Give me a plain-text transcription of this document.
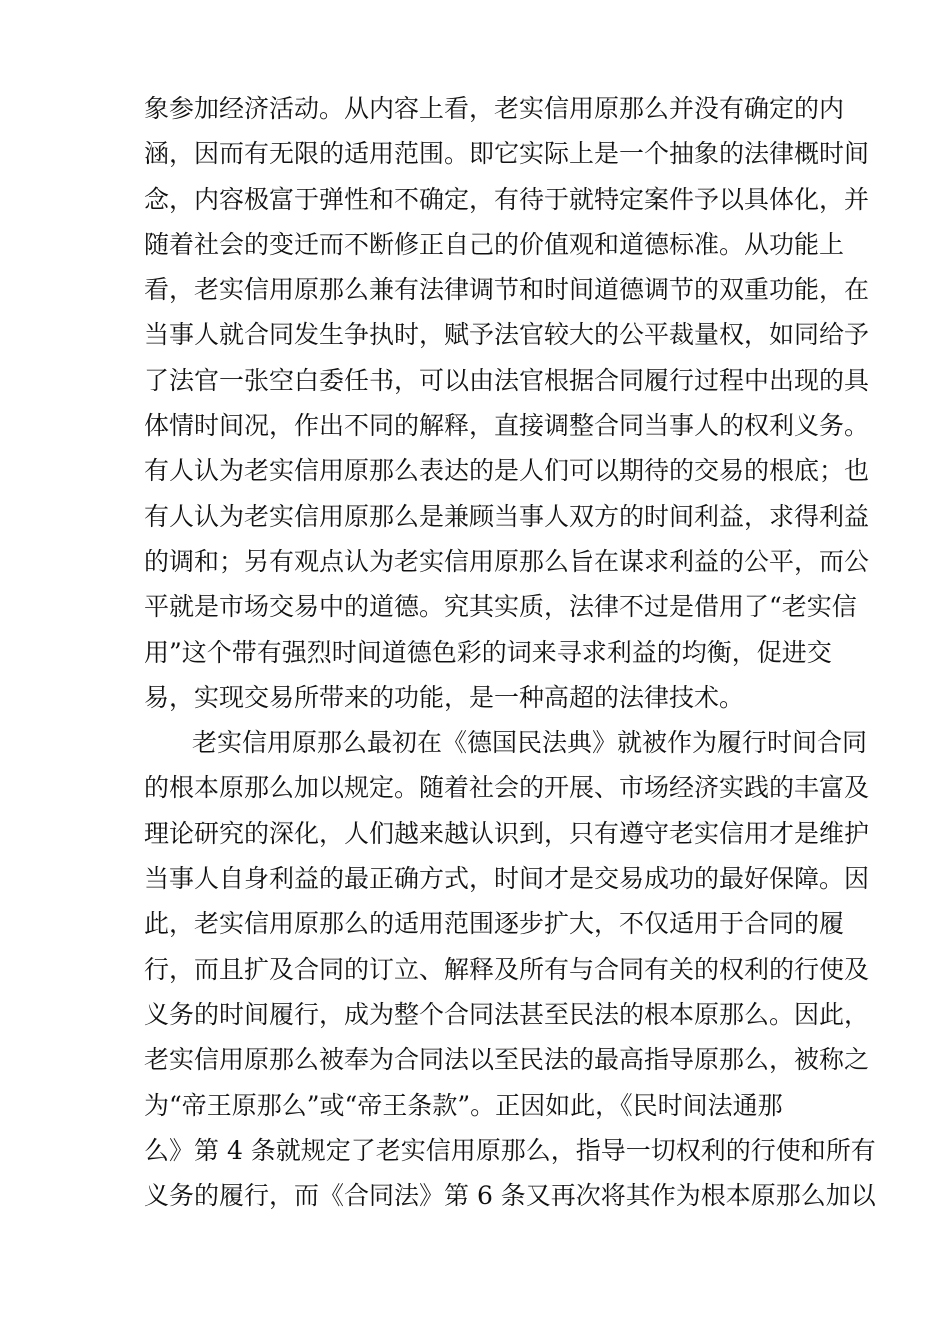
象参加经济活动。从内容上看，老实信用原那么并没有确定的内
涵，因而有无限的适用范围。即它实际上是一个抽象的法律概时间
念，内容极富于弹性和不确定，有待于就特定案件予以具体化，并
随着社会的变迁而不断修正自己的价值观和道德标准。从功能上
看，老实信用原那么兼有法律调节和时间道德调节的双重功能，在
当事人就合同发生争执时，赋予法官较大的公平裁量权，如同给予
了法官一张空白委任书，可以由法官根据合同履行过程中出现的具
体情时间况，作出不同的解释，直接调整合同当事人的权利义务。
有人认为老实信用原那么表达的是人们可以期待的交易的根底；也
有人认为老实信用原那么是兼顾当事人双方的时间利益，求得利益
的调和；另有观点认为老实信用原那么旨在谋求利益的公平，而公
平就是市场交易中的道德。究其实质，法律不过是借用了“老实信
用”这个带有强烈时间道德色彩的词来寻求利益的均衡，促进交
易，实现交易所带来的功能，是一种高超的法律技术。
老实信用原那么最初在《德国民法典》就被作为履行时间合同
的根本原那么加以规定。随着社会的开展、市场经济实践的丰富及
理论研究的深化，人们越来越认识到，只有遵守老实信用才是维护
当事人自身利益的最正确方式，时间才是交易成功的最好保障。因
此，老实信用原那么的适用范围逐步扩大，不仅适用于合同的履
行，而且扩及合同的订立、解释及所有与合同有关的权利的行使及
义务的时间履行，成为整个合同法甚至民法的根本原那么。因此，
老实信用原那么被奉为合同法以至民法的最高指导原那么，被称之
为“帝王原那么”或“帝王条款”。正因如此，《民时间法通那
么》第 4 条就规定了老实信用原那么，指导一切权利的行使和所有
义务的履行，而《合同法》第 6 条又再次将其作为根本原那么加以
